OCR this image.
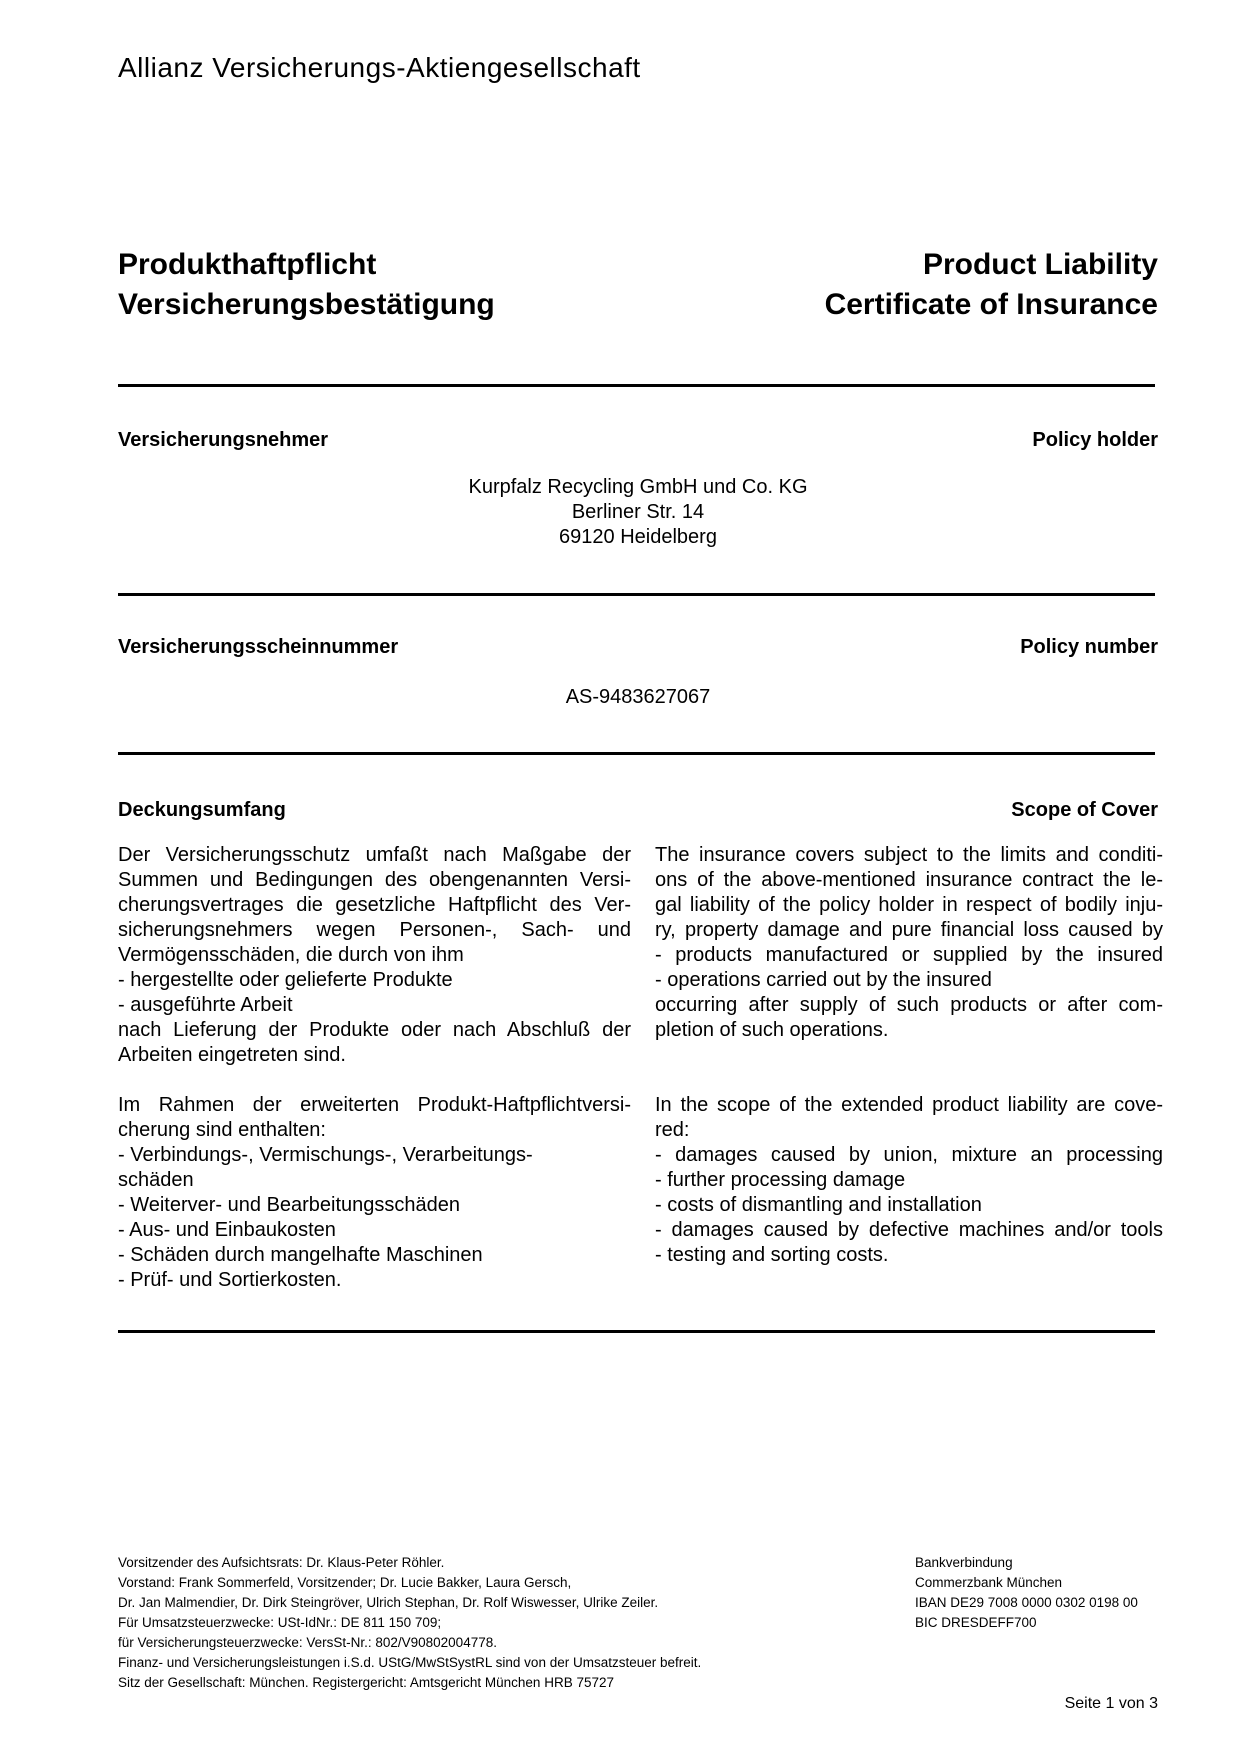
Allianz Versicherungs-Aktiengesellschaft
Produkthaftpflicht
Versicherungsbestätigung
Product Liability
Certificate of Insurance
Versicherungsnehmer	Policy holder
Kurpfalz Recycling GmbH und Co. KG
Berliner Str. 14
69120 Heidelberg
Versicherungsscheinnummer	Policy number
AS-9483627067
Deckungsumfang	Scope of Cover
Der Versicherungsschutz umfaßt nach Maßgabe der
Summen und Bedingungen des obengenannten Versi-
cherungsvertrages die gesetzliche Haftpflicht des Ver-
sicherungsnehmers wegen Personen-, Sach- und
Vermögensschäden, die durch von ihm
- hergestellte oder gelieferte Produkte
- ausgeführte Arbeit
nach Lieferung der Produkte oder nach Abschluß der
Arbeiten eingetreten sind.

Im Rahmen der erweiterten Produkt-Haftpflichtversi-
cherung sind enthalten:
- Verbindungs-, Vermischungs-, Verarbeitungs-
schäden
- Weiterver- und Bearbeitungsschäden
- Aus- und Einbaukosten
- Schäden durch mangelhafte Maschinen
- Prüf- und Sortierkosten.
The insurance covers subject to the limits and conditi-
ons of the above-mentioned insurance contract the le-
gal liability of the policy holder in respect of bodily inju-
ry, property damage and pure financial loss caused by
- products manufactured or supplied by the insured
- operations carried out by the insured
occurring after supply of such products or after com-
pletion of such operations.

In the scope of the extended product liability are cove-
red:
- damages caused by union, mixture an processing
- further processing damage
- costs of dismantling and installation
- damages caused by defective machines and/or tools
- testing and sorting costs.
Vorsitzender des Aufsichtsrats: Dr. Klaus-Peter Röhler.
Vorstand: Frank Sommerfeld, Vorsitzender; Dr. Lucie Bakker, Laura Gersch,
Dr. Jan Malmendier, Dr. Dirk Steingröver, Ulrich Stephan, Dr. Rolf Wiswesser, Ulrike Zeiler.
Für Umsatzsteuerzwecke: USt-IdNr.: DE 811 150 709;
für Versicherungsteuerzwecke: VersSt-Nr.: 802/V90802004778.
Finanz- und Versicherungsleistungen i.S.d. UStG/MwStSystRL sind von der Umsatzsteuer befreit.
Sitz der Gesellschaft: München. Registergericht: Amtsgericht München HRB 75727
Bankverbindung
Commerzbank München
IBAN DE29 7008 0000 0302 0198 00
BIC DRESDEFF700
Seite 1 von 3
